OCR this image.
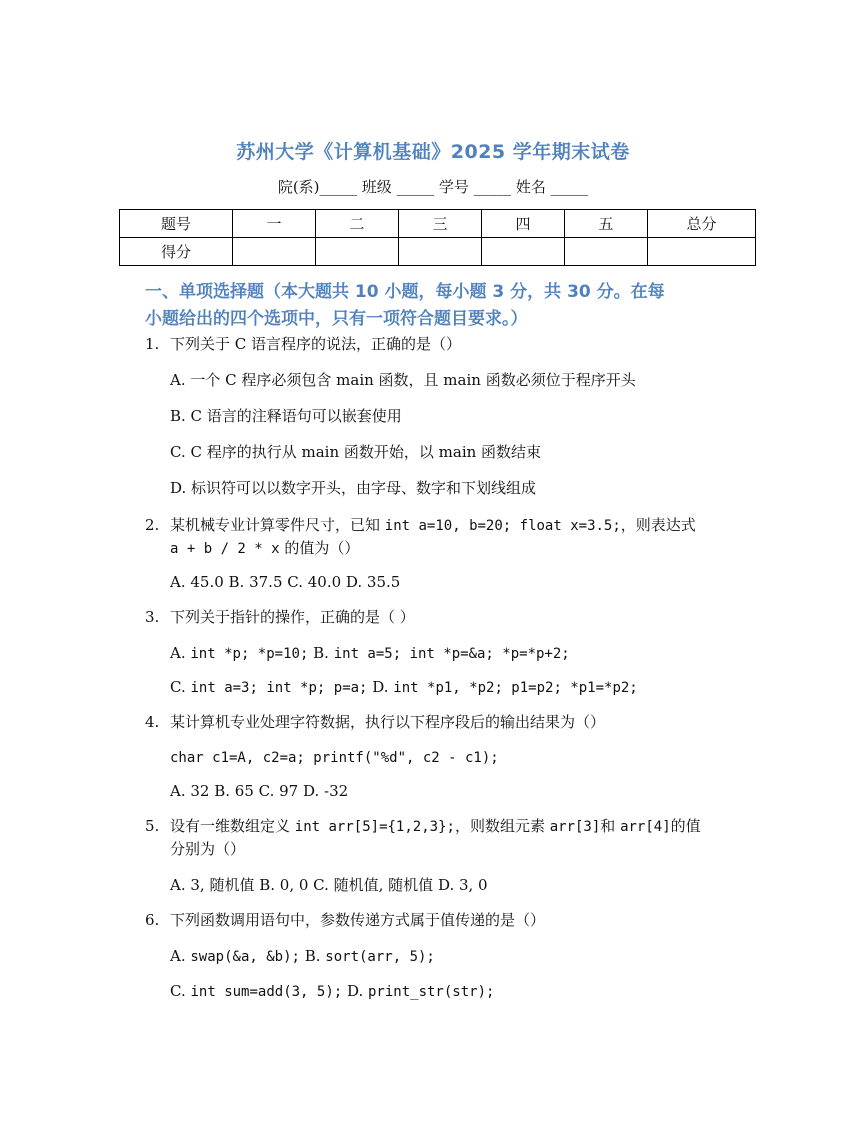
苏州大学《计算机基础》2025 学年期末试卷
院(系)_____ 班级 _____ 学号 _____ 姓名 _____
题号	一	二	三	四	五	总分
得分						
一、单项选择题（本大题共 10 小题，每小题 3 分，共 30 分。在每
小题给出的四个选项中，只有一项符合题目要求。）
1. 下列关于 C 语言程序的说法，正确的是（）
A. 一个 C 程序必须包含 main 函数，且 main 函数必须位于程序开头
B. C 语言的注释语句可以嵌套使用
C. C 程序的执行从 main 函数开始，以 main 函数结束
D. 标识符可以以数字开头，由字母、数字和下划线组成
2. 某机械专业计算零件尺寸，已知 int a=10, b=20; float x=3.5;，则表达式
a + b / 2 * x 的值为（）
A. 45.0 B. 37.5 C. 40.0 D. 35.5
3. 下列关于指针的操作，正确的是（ ）
A. int *p; *p=10; B. int a=5; int *p=&a; *p=*p+2;
C. int a=3; int *p; p=a; D. int *p1, *p2; p1=p2; *p1=*p2;
4. 某计算机专业处理字符数据，执行以下程序段后的输出结果为（）
char c1=A, c2=a; printf("%d", c2 - c1);
A. 32 B. 65 C. 97 D. -32
5. 设有一维数组定义 int arr[5]={1,2,3};，则数组元素 arr[3]和 arr[4]的值
分别为（）
A. 3, 随机值 B. 0, 0 C. 随机值, 随机值 D. 3, 0
6. 下列函数调用语句中，参数传递方式属于值传递的是（）
A. swap(&a, &b); B. sort(arr, 5);
C. int sum=add(3, 5); D. print_str(str);
